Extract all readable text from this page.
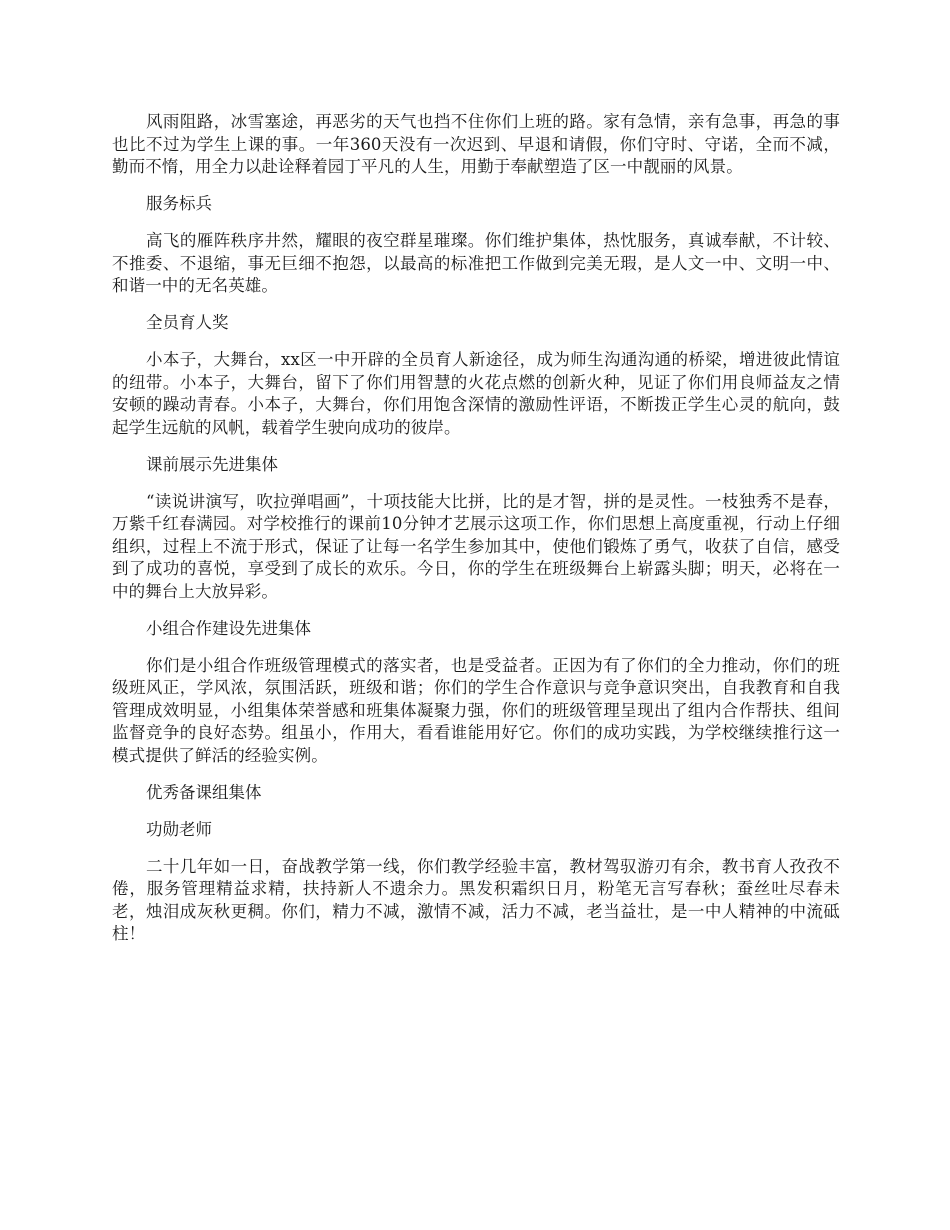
风雨阻路，冰雪塞途，再恶劣的天气也挡不住你们上班的路。家有急情，亲有急事，再急的事也比不过为学生上课的事。一年360天没有一次迟到、早退和请假，你们守时、守诺，全而不减，勤而不惰，用全力以赴诠释着园丁平凡的人生，用勤于奉献塑造了区一中靓丽的风景。

服务标兵

高飞的雁阵秩序井然，耀眼的夜空群星璀璨。你们维护集体，热忱服务，真诚奉献，不计较、不推委、不退缩，事无巨细不抱怨，以最高的标准把工作做到完美无瑕，是人文一中、文明一中、和谐一中的无名英雄。

全员育人奖

小本子，大舞台，xx区一中开辟的全员育人新途径，成为师生沟通沟通的桥梁，增进彼此情谊的纽带。小本子，大舞台，留下了你们用智慧的火花点燃的创新火种，见证了你们用良师益友之情安顿的躁动青春。小本子，大舞台，你们用饱含深情的激励性评语，不断拨正学生心灵的航向，鼓起学生远航的风帆，载着学生驶向成功的彼岸。

课前展示先进集体

“读说讲演写，吹拉弹唱画”，十项技能大比拼，比的是才智，拼的是灵性。一枝独秀不是春，万紫千红春满园。对学校推行的课前10分钟才艺展示这项工作，你们思想上高度重视，行动上仔细组织，过程上不流于形式，保证了让每一名学生参加其中，使他们锻炼了勇气，收获了自信，感受到了成功的喜悦，享受到了成长的欢乐。今日，你的学生在班级舞台上崭露头脚；明天，必将在一中的舞台上大放异彩。

小组合作建设先进集体

你们是小组合作班级管理模式的落实者，也是受益者。正因为有了你们的全力推动，你们的班级班风正，学风浓，氛围活跃，班级和谐；你们的学生合作意识与竞争意识突出，自我教育和自我管理成效明显，小组集体荣誉感和班集体凝聚力强，你们的班级管理呈现出了组内合作帮扶、组间监督竞争的良好态势。组虽小，作用大，看看谁能用好它。你们的成功实践，为学校继续推行这一模式提供了鲜活的经验实例。

优秀备课组集体

功勋老师

二十几年如一日，奋战教学第一线，你们教学经验丰富，教材驾驭游刃有余，教书育人孜孜不倦，服务管理精益求精，扶持新人不遗余力。黑发积霜织日月，粉笔无言写春秋；蚕丝吐尽春未老，烛泪成灰秋更稠。你们，精力不减，激情不减，活力不减，老当益壮，是一中人精神的中流砥柱！
